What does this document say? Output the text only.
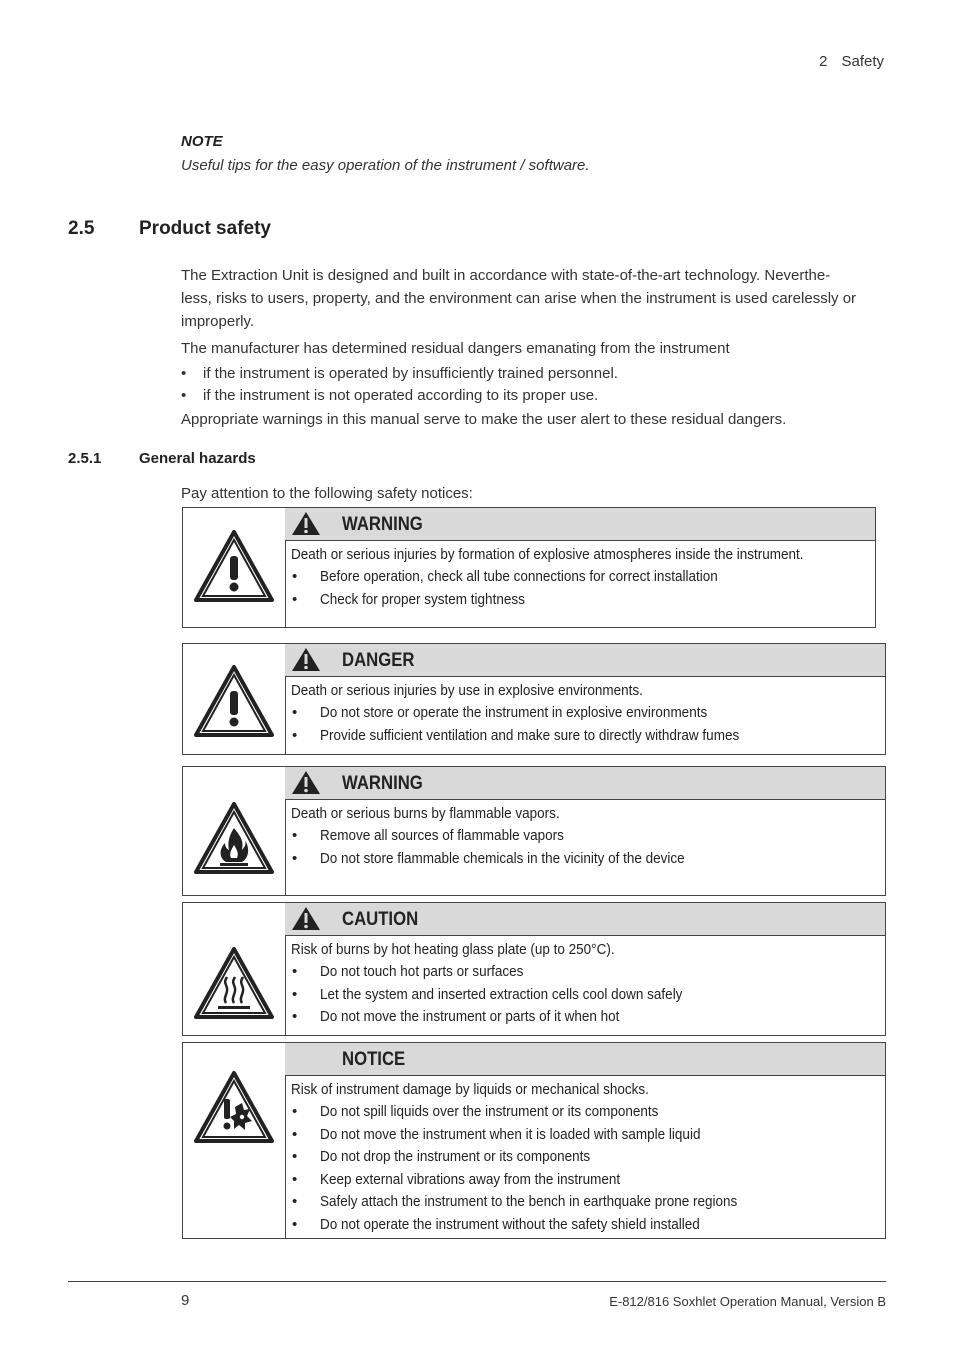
2 Safety
NOTE
Useful tips for the easy operation of the instrument / software.
2.5 Product safety
The Extraction Unit is designed and built in accordance with state-of-the-art technology. Neverthe-
less, risks to users, property, and the environment can arise when the instrument is used carelessly or
improperly.
The manufacturer has determined residual dangers emanating from the instrument
• if the instrument is operated by insufficiently trained personnel.
• if the instrument is not operated according to its proper use.
Appropriate warnings in this manual serve to make the user alert to these residual dangers.
2.5.1	General hazards
Pay attention to the following safety notices:
WARNING
Death or serious injuries by formation of explosive atmospheres inside the instrument.
• Before operation, check all tube connections for correct installation
• Check for proper system tightness
DANGER
Death or serious injuries by use in explosive environments.
• Do not store or operate the instrument in explosive environments
• Provide sufficient ventilation and make sure to directly withdraw fumes
WARNING
Death or serious burns by flammable vapors.
• Remove all sources of flammable vapors
• Do not store flammable chemicals in the vicinity of the device
CAUTION
Risk of burns by hot heating glass plate (up to 250°C).
• Do not touch hot parts or surfaces
• Let the system and inserted extraction cells cool down safely
• Do not move the instrument or parts of it when hot
NOTICE
Risk of instrument damage by liquids or mechanical shocks.
• Do not spill liquids over the instrument or its components
• Do not move the instrument when it is loaded with sample liquid
• Do not drop the instrument or its components
• Keep external vibrations away from the instrument
• Safely attach the instrument to the bench in earthquake prone regions
• Do not operate the instrument without the safety shield installed
9	E-812/816 Soxhlet Operation Manual, Version B
